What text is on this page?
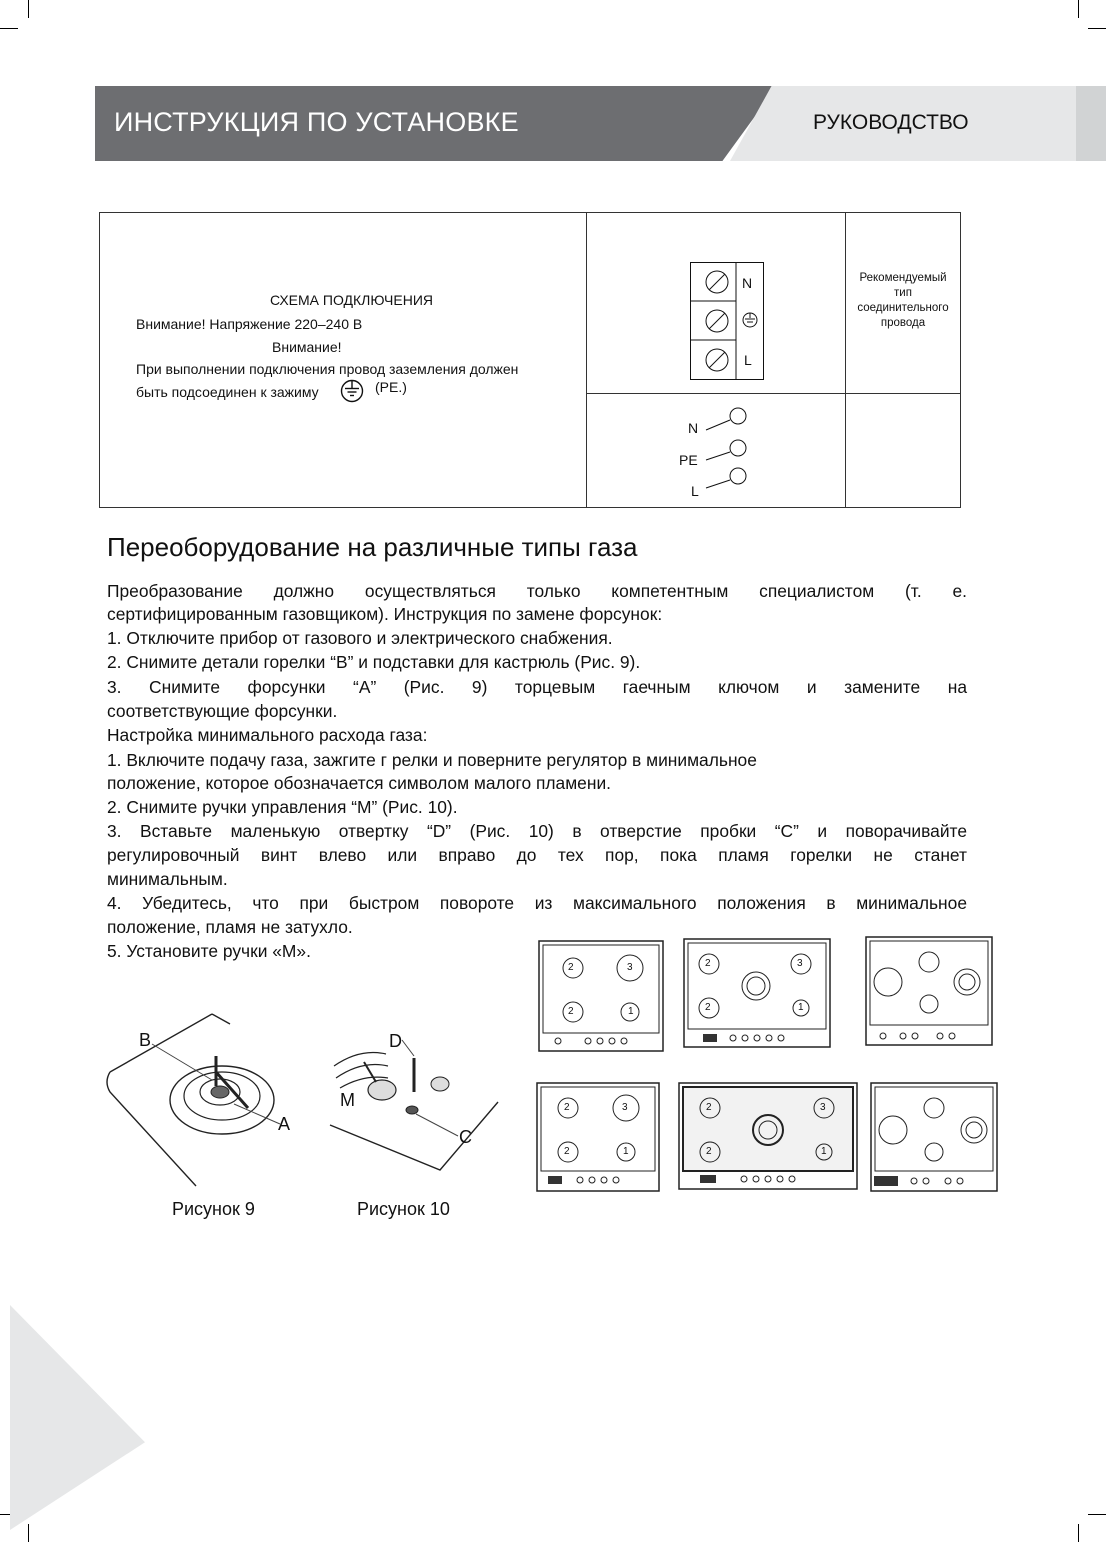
ИНСТРУКЦИЯ ПО УСТАНОВКЕ	РУКОВОДСТВО
СХЕМА ПОДКЛЮЧЕНИЯ
Внимание! Напряжение 220–240 В
Внимание!
При выполнении подключения провод заземления должен
быть подсоединен к зажиму	(PE.)
N
L
Рекомендуемый
тип
соединительного
провода
N
PE
L
Переоборудование на различные типы газа
Преобразование должно осуществляться только компетентным специалистом (т. е.
сертифицированным газовщиком). Инструкция по замене форсунок:
1. Отключите прибор от газового и электрического снабжения.
2. Снимите детали горелки “B” и подставки для кастрюль (Рис. 9).
3. Снимите форсунки “A” (Рис. 9) торцевым гаечным ключом и замените на
соответствующие форсунки.
Настройка минимального расхода газа:
1. Включите подачу газа, зажгите г релки и поверните регулятор в минимальное
положение, которое обозначается символом малого пламени.
2. Снимите ручки управления “M” (Рис. 10).
3. Вставьте маленькую отвертку “D” (Рис. 10) в отверстие пробки “C” и поворачивайте
регулировочный винт влево или вправо до тех пор, пока пламя горелки не станет
минимальным.
4. Убедитесь, что при быстром повороте из максимального положения в минимальное
положение, пламя не затухло.
5. Установите ручки «M».
B
A
Рисунок 9
D
M
C
Рисунок 10
2	3
2	1
2	3
2	1
2	3
2	1
2	3
2	1
